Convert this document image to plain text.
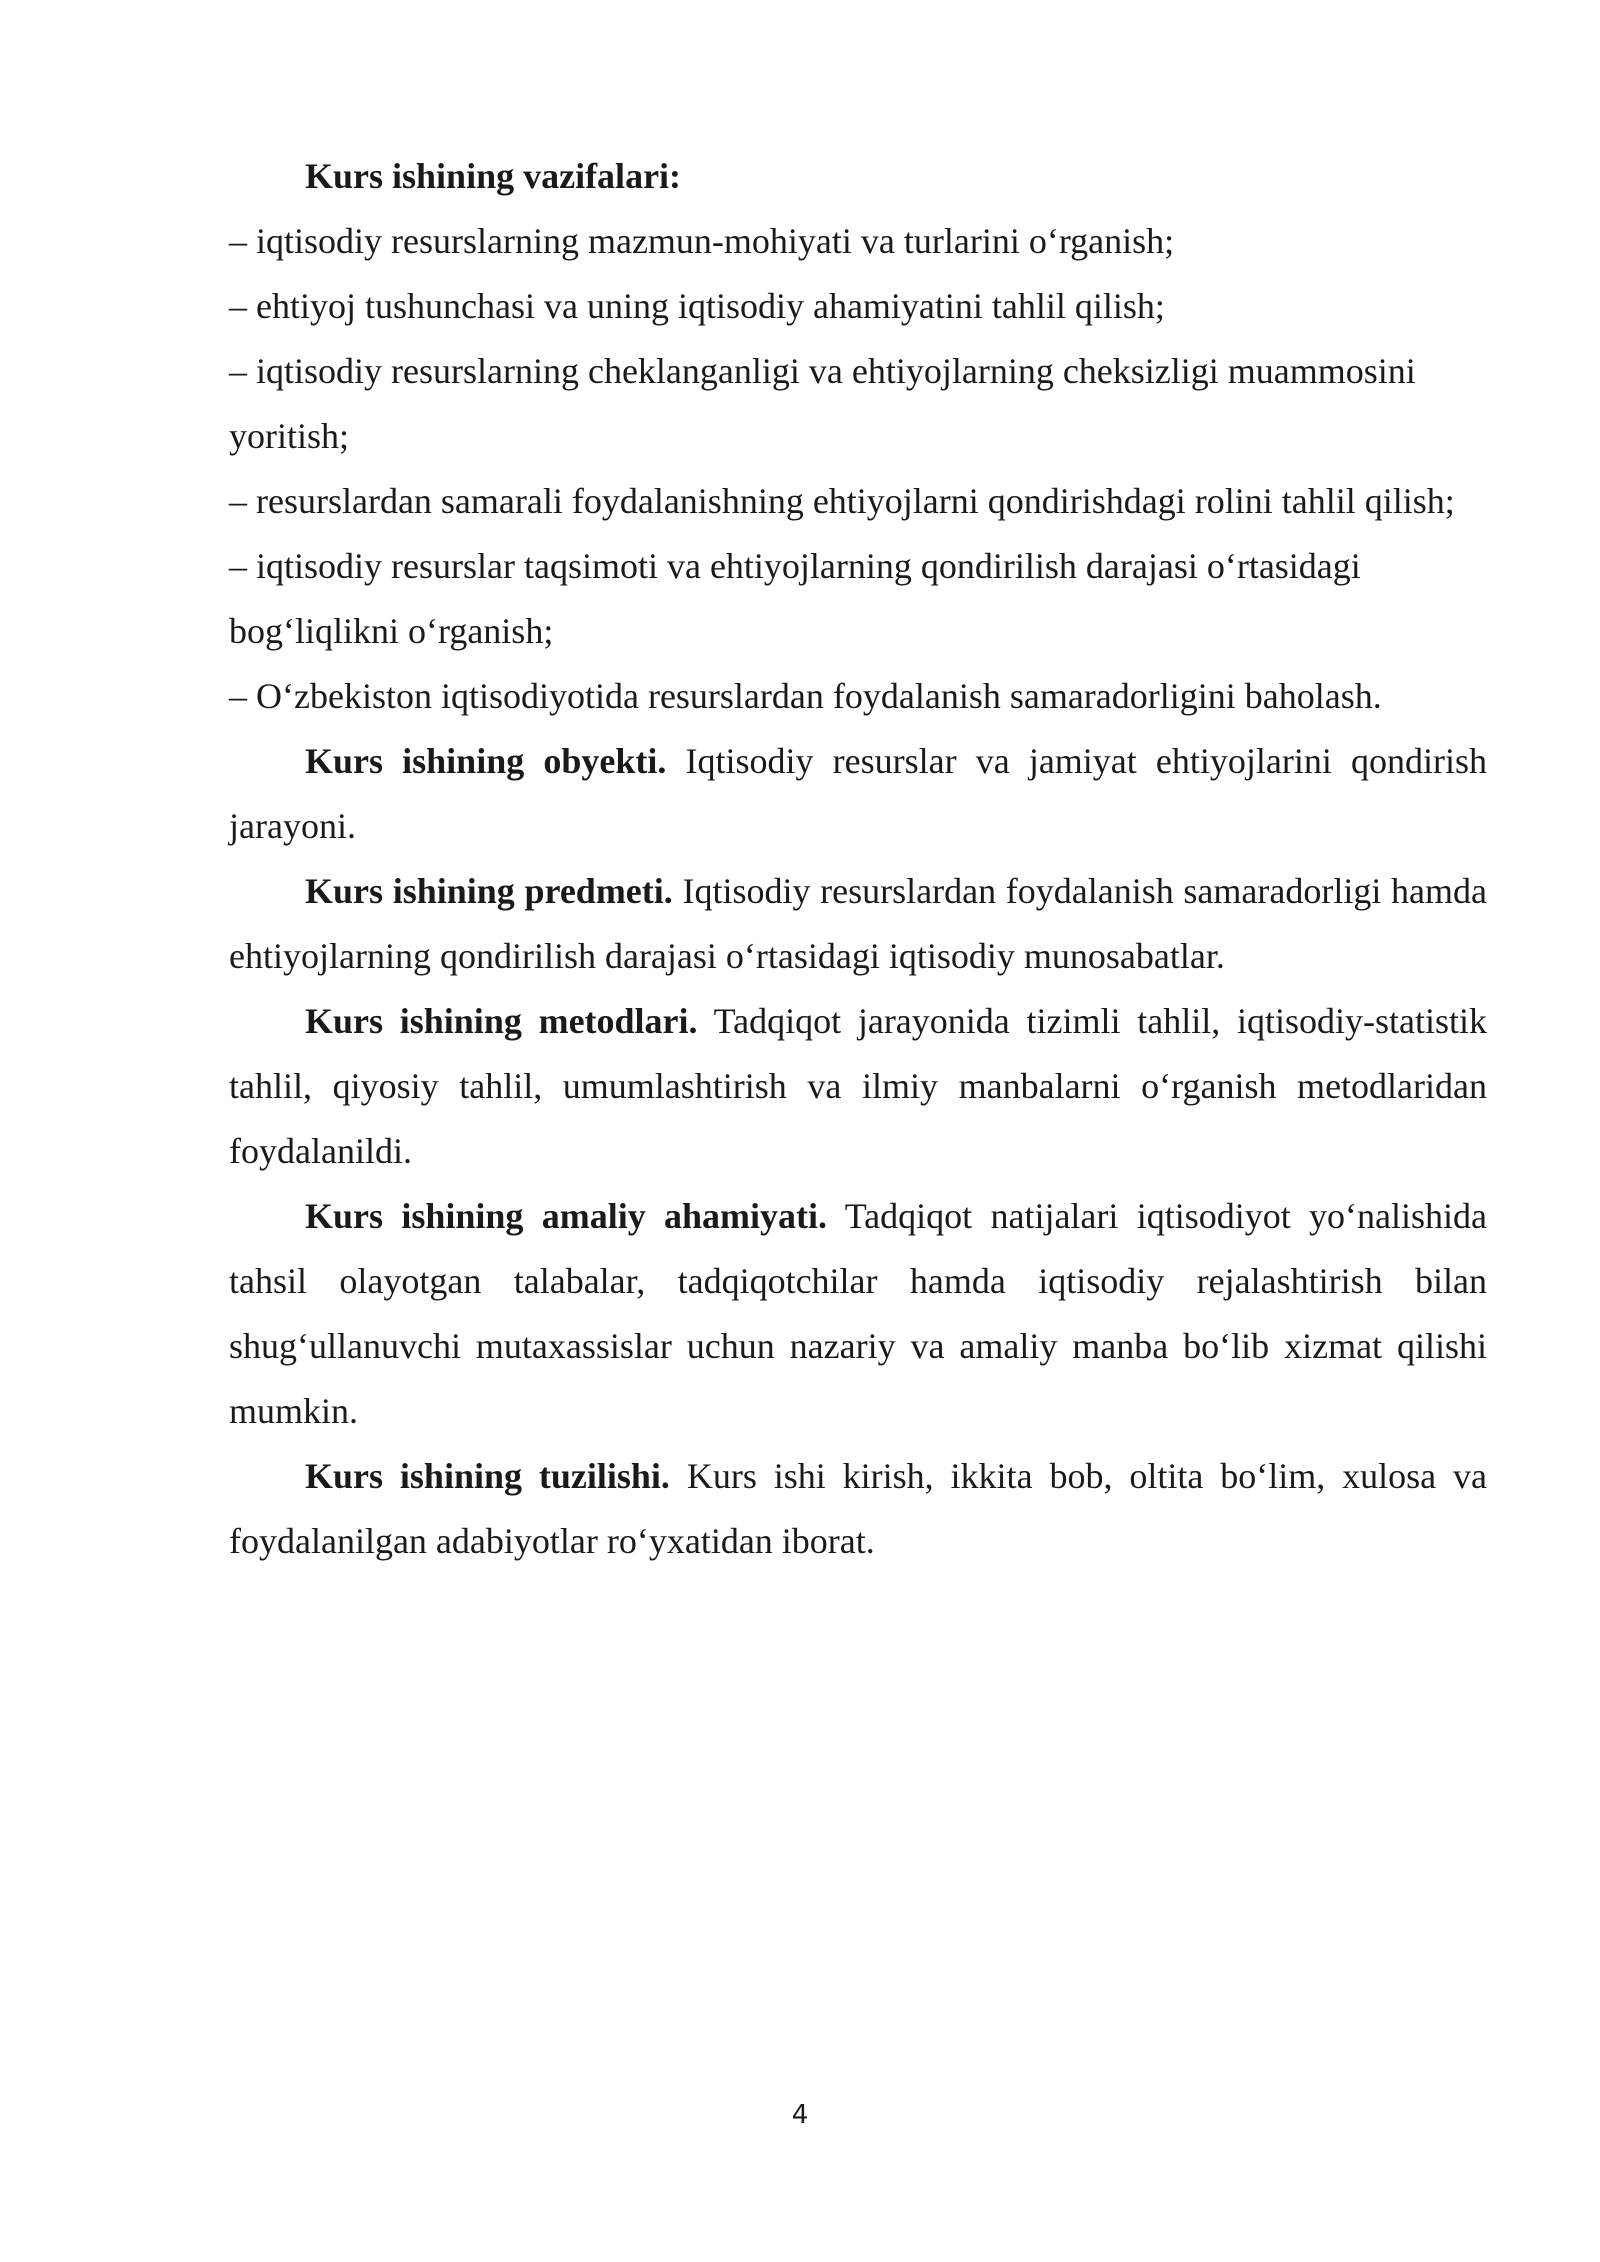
Kurs ishining vazifalari:

– iqtisodiy resurslarning mazmun-mohiyati va turlarini o‘rganish;

– ehtiyoj tushunchasi va uning iqtisodiy ahamiyatini tahlil qilish;

– iqtisodiy resurslarning cheklanganligi va ehtiyojlarning cheksizligi muammosini yoritish;

– resurslardan samarali foydalanishning ehtiyojlarni qondirishdagi rolini tahlil qilish;

– iqtisodiy resurslar taqsimoti va ehtiyojlarning qondirilish darajasi o‘rtasidagi bog‘liqlikni o‘rganish;

– O‘zbekiston iqtisodiyotida resurslardan foydalanish samaradorligini baholash.

Kurs ishining obyekti. Iqtisodiy resurslar va jamiyat ehtiyojlarini qondirish jarayoni.

Kurs ishining predmeti. Iqtisodiy resurslardan foydalanish samaradorligi hamda ehtiyojlarning qondirilish darajasi o‘rtasidagi iqtisodiy munosabatlar.

Kurs ishining metodlari. Tadqiqot jarayonida tizimli tahlil, iqtisodiy-statistik tahlil, qiyosiy tahlil, umumlashtirish va ilmiy manbalarni o‘rganish metodlaridan foydalanildi.

Kurs ishining amaliy ahamiyati. Tadqiqot natijalari iqtisodiyot yo‘nalishida tahsil olayotgan talabalar, tadqiqotchilar hamda iqtisodiy rejalashtirish bilan shug‘ullanuvchi mutaxassislar uchun nazariy va amaliy manba bo‘lib xizmat qilishi mumkin.

Kurs ishining tuzilishi. Kurs ishi kirish, ikkita bob, oltita bo‘lim, xulosa va foydalanilgan adabiyotlar ro‘yxatidan iborat.

4
